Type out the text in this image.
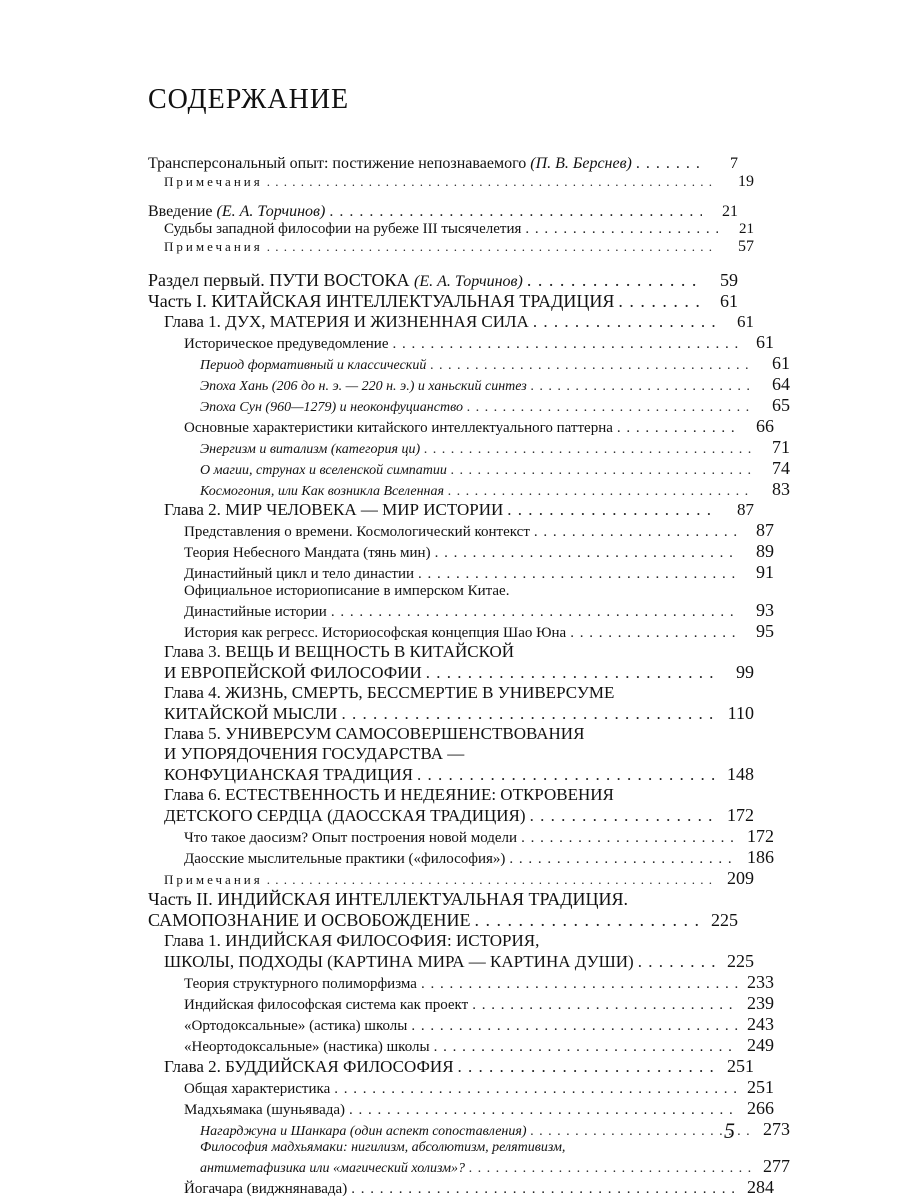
СОДЕРЖАНИЕ
Трансперсональный опыт: постижение непознаваемого (П. В. Берснев) . . .	7
Примечания . . .	19
Введение (Е. А. Торчинов) . . .	21
Судьбы западной философии на рубеже III тысячелетия . . .	21
Примечания . . .	57
Раздел первый. ПУТИ ВОСТОКА (Е. А. Торчинов) . . .	59
Часть I. КИТАЙСКАЯ ИНТЕЛЛЕКТУАЛЬНАЯ ТРАДИЦИЯ . . .	61
Глава 1. ДУХ, МАТЕРИЯ И ЖИЗНЕННАЯ СИЛА . . .	61
Историческое предуведомление . . .	61
Период формативный и классический . . .	61
Эпоха Хань (206 до н. э. — 220 н. э.) и ханьский синтез . . .	64
Эпоха Сун (960—1279) и неоконфуцианство . . .	65
Основные характеристики китайского интеллектуального паттерна . . .	66
Энергизм и витализм (категория ци) . . .	71
О магии, струнах и вселенской симпатии . . .	74
Космогония, или Как возникла Вселенная . . .	83
Глава 2. МИР ЧЕЛОВЕКА — МИР ИСТОРИИ . . .	87
Представления о времени. Космологический контекст . . .	87
Теория Небесного Мандата (тянь мин) . . .	89
Династийный цикл и тело династии . . .	91
Официальное историописание в имперском Китае.
Династийные истории . . .	93
История как регресс. Историософская концепция Шао Юна . . .	95
Глава 3. ВЕЩЬ И ВЕЩНОСТЬ В КИТАЙСКОЙ
И ЕВРОПЕЙСКОЙ ФИЛОСОФИИ . . .	99
Глава 4. ЖИЗНЬ, СМЕРТЬ, БЕССМЕРТИЕ В УНИВЕРСУМЕ
КИТАЙСКОЙ МЫСЛИ . . .	110
Глава 5. УНИВЕРСУМ САМОСОВЕРШЕНСТВОВАНИЯ
И УПОРЯДОЧЕНИЯ ГОСУДАРСТВА —
КОНФУЦИАНСКАЯ ТРАДИЦИЯ . . .	148
Глава 6. ЕСТЕСТВЕННОСТЬ И НЕДЕЯНИЕ: ОТКРОВЕНИЯ
ДЕТСКОГО СЕРДЦА (ДАОССКАЯ ТРАДИЦИЯ) . . .	172
Что такое даосизм? Опыт построения новой модели . . .	172
Даосские мыслительные практики («философия») . . .	186
Примечания . . .	209
Часть II. ИНДИЙСКАЯ ИНТЕЛЛЕКТУАЛЬНАЯ ТРАДИЦИЯ.
САМОПОЗНАНИЕ И ОСВОБОЖДЕНИЕ . . .	225
Глава 1. ИНДИЙСКАЯ ФИЛОСОФИЯ: ИСТОРИЯ,
ШКОЛЫ, ПОДХОДЫ (КАРТИНА МИРА — КАРТИНА ДУШИ) . . .	225
Теория структурного полиморфизма . . .	233
Индийская философская система как проект . . .	239
«Ортодоксальные» (астика) школы . . .	243
«Неортодоксальные» (настика) школы . . .	249
Глава 2. БУДДИЙСКАЯ ФИЛОСОФИЯ . . .	251
Общая характеристика . . .	251
Мадхьямака (шуньявада) . . .	266
Нагарджуна и Шанкара (один аспект сопоставления) . . .	273
Философия мадхьямаки: нигилизм, абсолютизм, релятивизм,
антиметафизика или «магический холизм»? . . .	277
Йогачара (виджнянавада) . . .	284
5
